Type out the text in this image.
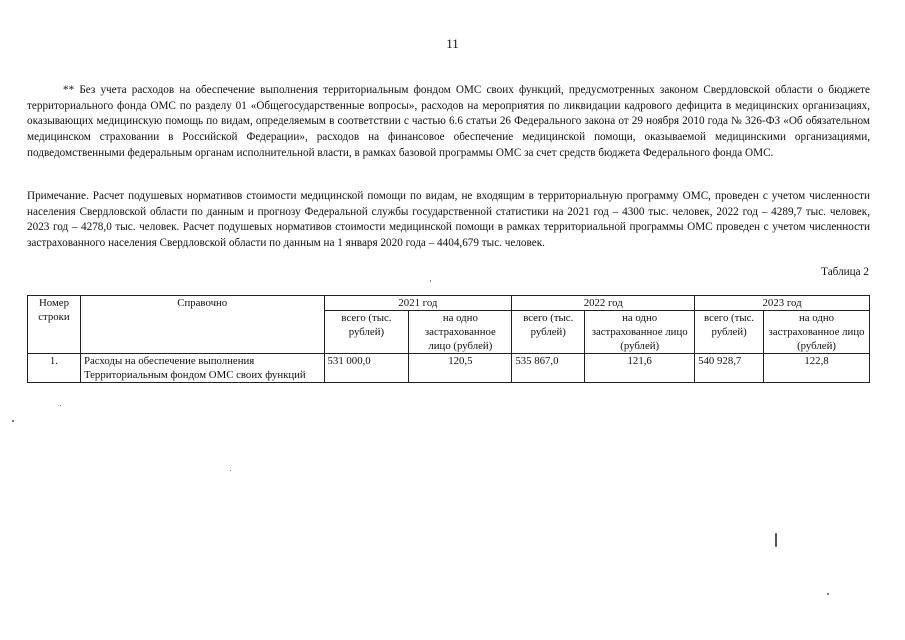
11

** Без учета расходов на обеспечение выполнения территориальным фондом ОМС своих функций, предусмотренных законом Свердловской области о бюджете территориального фонда ОМС по разделу 01 «Общегосударственные вопросы», расходов на мероприятия по ликвидации кадрового дефицита в медицинских организациях, оказывающих медицинскую помощь по видам, определяемым в соответствии с частью 6.6 статьи 26 Федерального закона от 29 ноября 2010 года № 326-ФЗ «Об обязательном медицинском страховании в Российской Федерации», расходов на финансовое обеспечение медицинской помощи, оказываемой медицинскими организациями, подведомственными федеральным органам исполнительной власти, в рамках базовой программы ОМС за счет средств бюджета Федерального фонда ОМС.

Примечание. Расчет подушевых нормативов стоимости медицинской помощи по видам, не входящим в территориальную программу ОМС, проведен с учетом численности населения Свердловской области по данным и прогнозу Федеральной службы государственной статистики на 2021 год – 4300 тыс. человек, 2022 год – 4289,7 тыс. человек, 2023 год – 4278,0 тыс. человек. Расчет подушевых нормативов стоимости медицинской помощи в рамках территориальной программы ОМС проведен с учетом численности застрахованного населения Свердловской области по данным на 1 января 2020 года – 4404,679 тыс. человек.

Таблица 2
Номер строки	Справочно	2021 год		2022 год		2023 год	
		всего (тыс. рублей)	на одно застрахованное лицо (рублей)	всего (тыс. рублей)	на одно застрахованное лицо (рублей)	всего (тыс. рублей)	на одно застрахованное лицо (рублей)
1.	Расходы на обеспечение выполнения Территориальным фондом ОМС своих функций	531 000,0	120,5	535 867,0	121,6	540 928,7	122,8
